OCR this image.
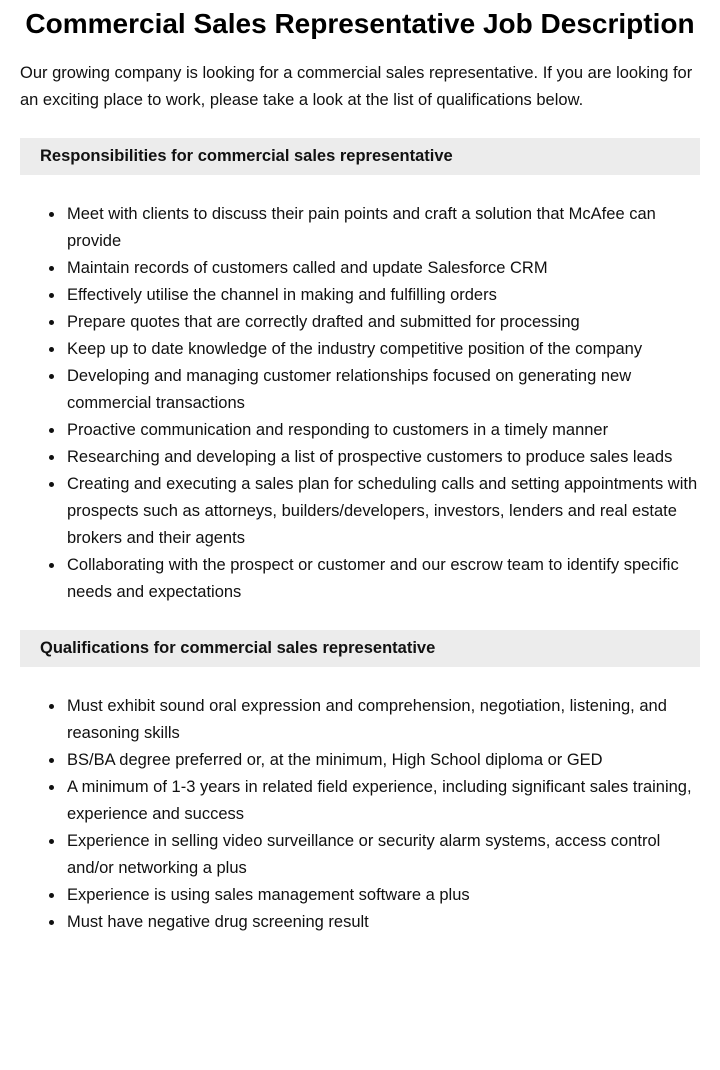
Commercial Sales Representative Job Description

Our growing company is looking for a commercial sales representative. If you are looking for an exciting place to work, please take a look at the list of qualifications below.

Responsibilities for commercial sales representative
• Meet with clients to discuss their pain points and craft a solution that McAfee can provide
• Maintain records of customers called and update Salesforce CRM
• Effectively utilise the channel in making and fulfilling orders
• Prepare quotes that are correctly drafted and submitted for processing
• Keep up to date knowledge of the industry competitive position of the company
• Developing and managing customer relationships focused on generating new commercial transactions
• Proactive communication and responding to customers in a timely manner
• Researching and developing a list of prospective customers to produce sales leads
• Creating and executing a sales plan for scheduling calls and setting appointments with prospects such as attorneys, builders/developers, investors, lenders and real estate brokers and their agents
• Collaborating with the prospect or customer and our escrow team to identify specific needs and expectations
Qualifications for commercial sales representative
• Must exhibit sound oral expression and comprehension, negotiation, listening, and reasoning skills
• BS/BA degree preferred or, at the minimum, High School diploma or GED
• A minimum of 1-3 years in related field experience, including significant sales training, experience and success
• Experience in selling video surveillance or security alarm systems, access control and/or networking a plus
• Experience is using sales management software a plus
• Must have negative drug screening result
